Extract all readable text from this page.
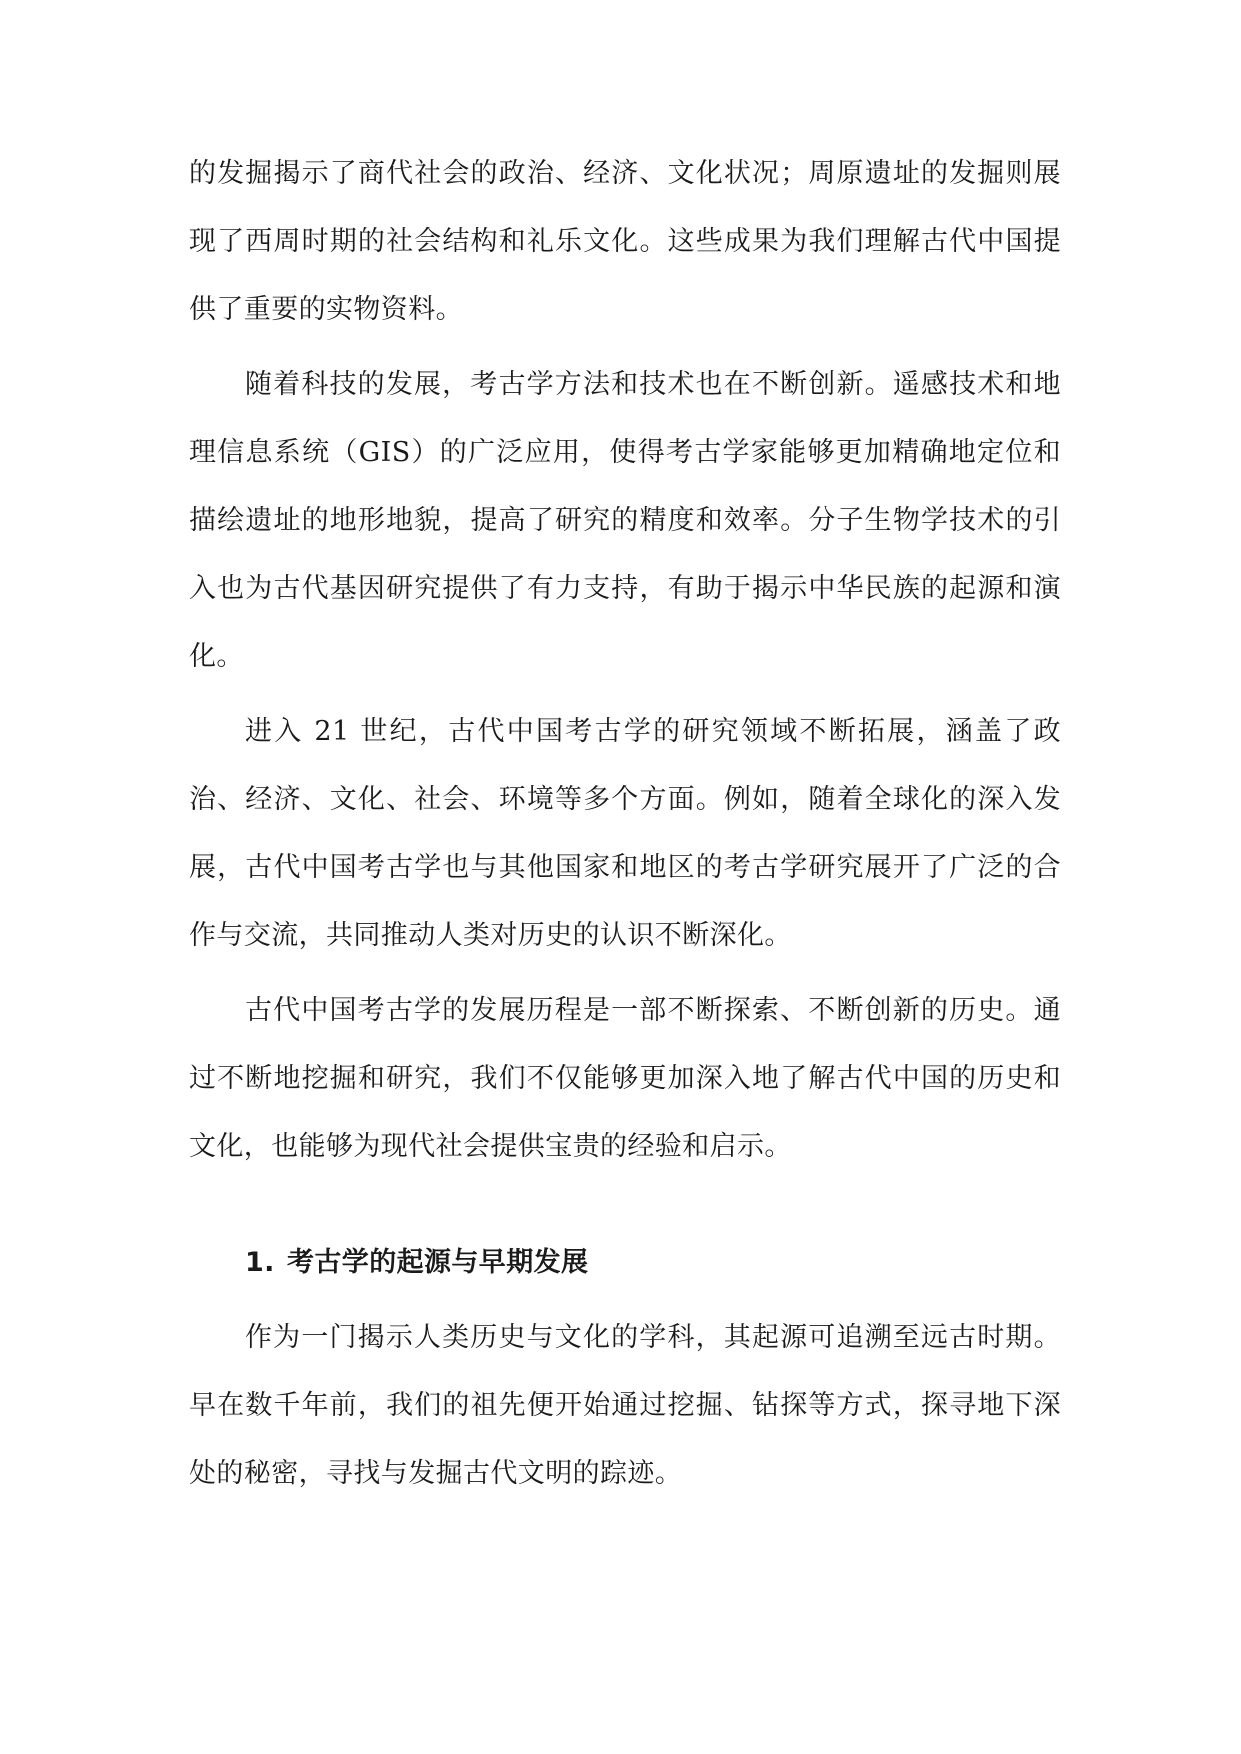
的发掘揭示了商代社会的政治、经济、文化状况；周原遗址的发掘则展现了西周时期的社会结构和礼乐文化。这些成果为我们理解古代中国提供了重要的实物资料。

随着科技的发展，考古学方法和技术也在不断创新。遥感技术和地理信息系统（GIS）的广泛应用，使得考古学家能够更加精确地定位和描绘遗址的地形地貌，提高了研究的精度和效率。分子生物学技术的引入也为古代基因研究提供了有力支持，有助于揭示中华民族的起源和演化。

进入 21 世纪，古代中国考古学的研究领域不断拓展，涵盖了政治、经济、文化、社会、环境等多个方面。例如，随着全球化的深入发展，古代中国考古学也与其他国家和地区的考古学研究展开了广泛的合作与交流，共同推动人类对历史的认识不断深化。

古代中国考古学的发展历程是一部不断探索、不断创新的历史。通过不断地挖掘和研究，我们不仅能够更加深入地了解古代中国的历史和文化，也能够为现代社会提供宝贵的经验和启示。

1. 考古学的起源与早期发展

作为一门揭示人类历史与文化的学科，其起源可追溯至远古时期。早在数千年前，我们的祖先便开始通过挖掘、钻探等方式，探寻地下深处的秘密，寻找与发掘古代文明的踪迹。
